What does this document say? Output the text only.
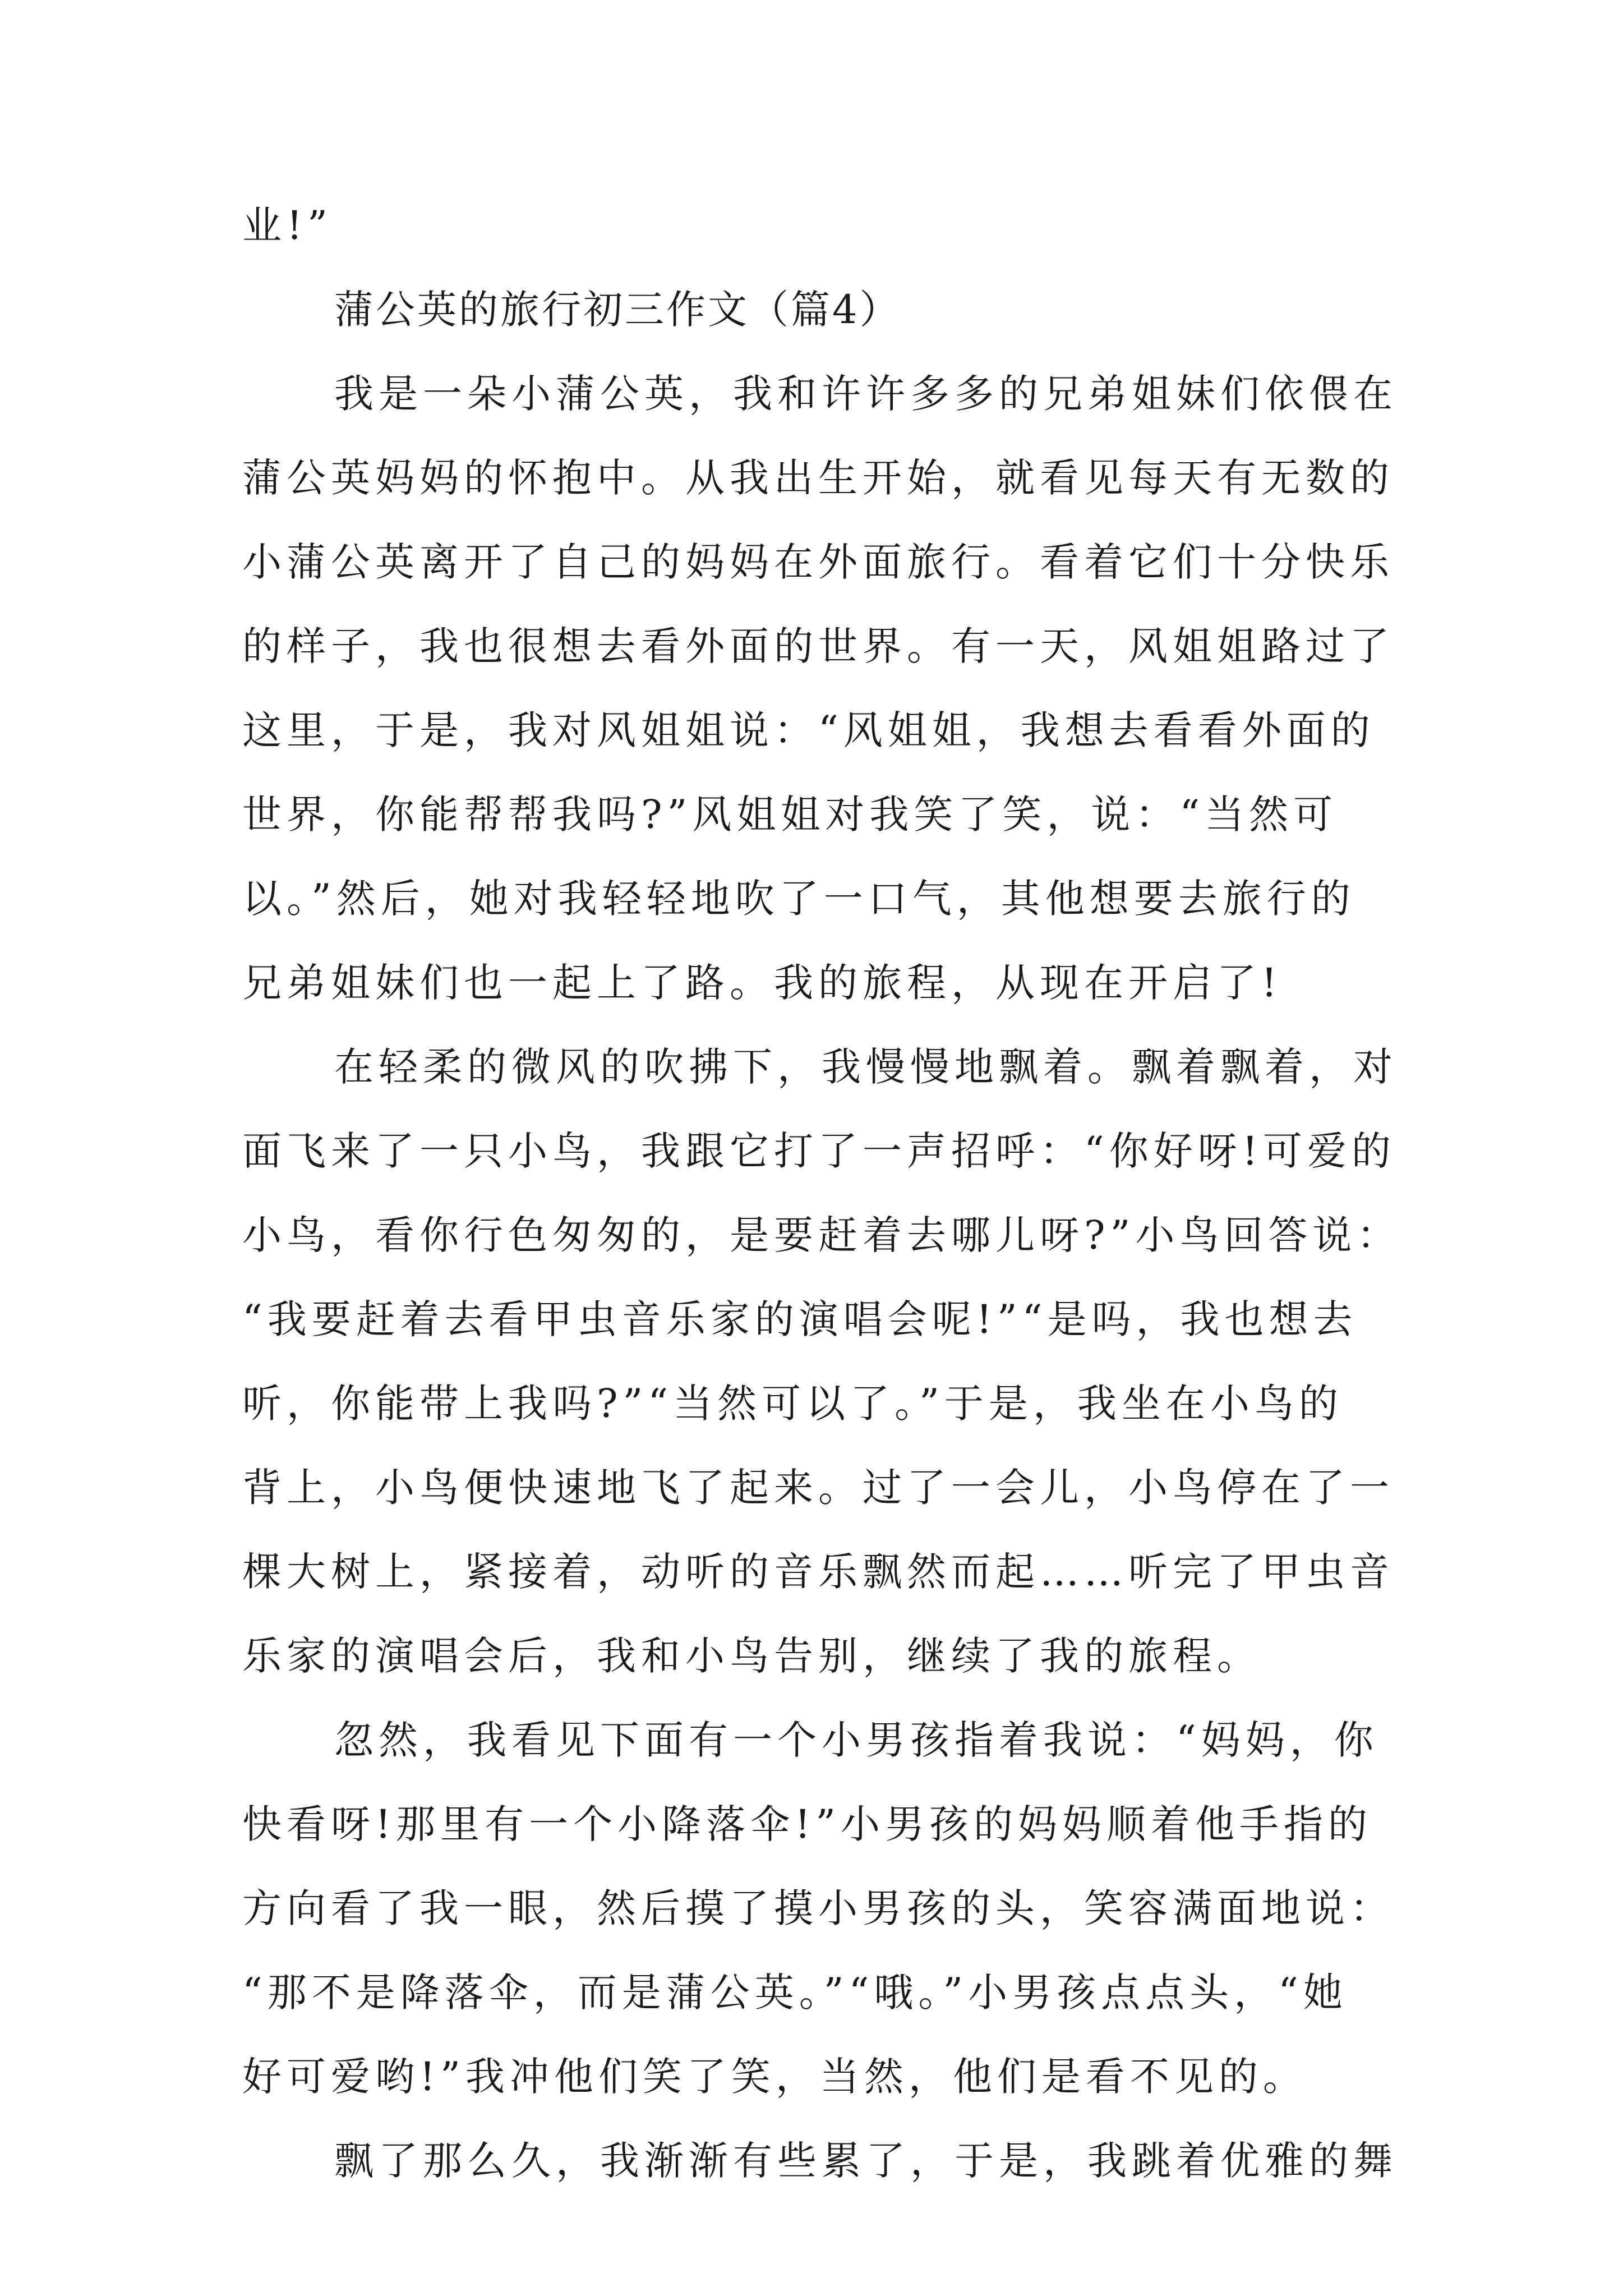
业!”
蒲公英的旅行初三作文（篇4）
我是一朵小蒲公英，我和许许多多的兄弟姐妹们依偎在
蒲公英妈妈的怀抱中。从我出生开始，就看见每天有无数的
小蒲公英离开了自己的妈妈在外面旅行。看着它们十分快乐
的样子，我也很想去看外面的世界。有一天，风姐姐路过了
这里，于是，我对风姐姐说：“风姐姐，我想去看看外面的
世界，你能帮帮我吗?”风姐姐对我笑了笑，说：“当然可
以。”然后，她对我轻轻地吹了一口气，其他想要去旅行的
兄弟姐妹们也一起上了路。我的旅程，从现在开启了!
在轻柔的微风的吹拂下，我慢慢地飘着。飘着飘着，对
面飞来了一只小鸟，我跟它打了一声招呼：“你好呀!可爱的
小鸟，看你行色匆匆的，是要赶着去哪儿呀?”小鸟回答说：
“我要赶着去看甲虫音乐家的演唱会呢!”“是吗，我也想去
听，你能带上我吗?”“当然可以了。”于是，我坐在小鸟的
背上，小鸟便快速地飞了起来。过了一会儿，小鸟停在了一
棵大树上，紧接着，动听的音乐飘然而起……听完了甲虫音
乐家的演唱会后，我和小鸟告别，继续了我的旅程。
忽然，我看见下面有一个小男孩指着我说：“妈妈，你
快看呀!那里有一个小降落伞!”小男孩的妈妈顺着他手指的
方向看了我一眼，然后摸了摸小男孩的头，笑容满面地说：
“那不是降落伞，而是蒲公英。”“哦。”小男孩点点头，“她
好可爱哟!”我冲他们笑了笑，当然，他们是看不见的。
飘了那么久，我渐渐有些累了，于是，我跳着优雅的舞
